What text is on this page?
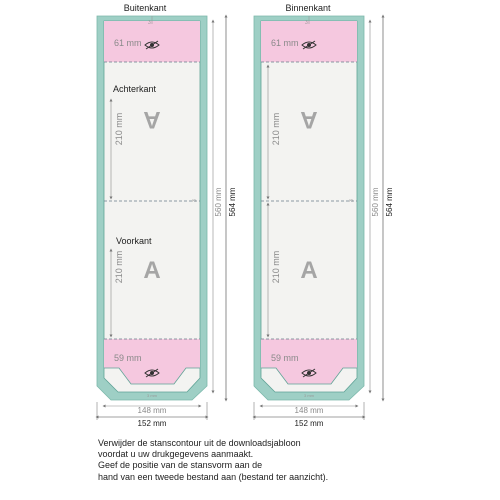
Buitenkant
3
61 mm
59 mm
Achterkant
Voorkant
210 mm
210 mm
A
A
3 560 mm 564 mm
3 mm
148 mm
152 mm
Binnenkant
3
61 mm
59 mm
210 mm
210 mm
A
A
3 560 mm 564 mm
3 mm
148 mm
152 mm
Verwijder de stanscontour uit de downloadsjabloon
voordat u uw drukgegevens aanmaakt.
Geef de positie van de stansvorm aan de
hand van een tweede bestand aan (bestand ter aanzicht).
